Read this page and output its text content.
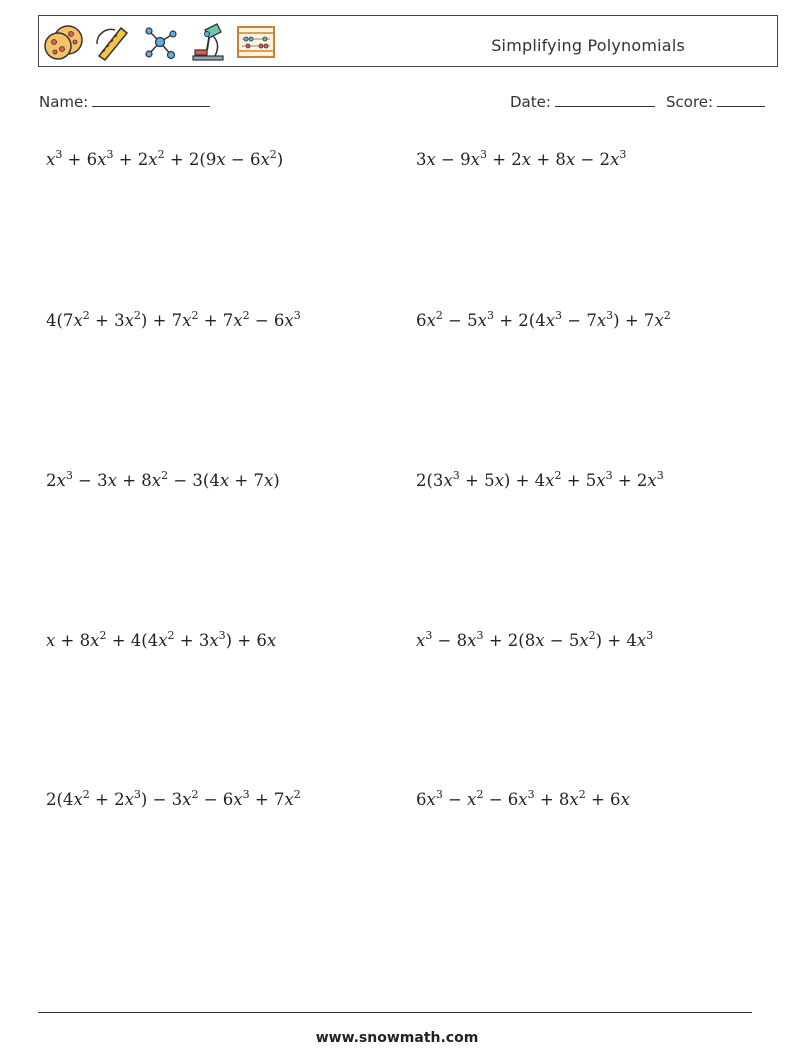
Simplifying Polynomials
Name:	Date:	Score:
$x^3 + 6x^3 + 2x^2 + 2(9x - 6x^2)$	$3x - 9x^3 + 2x + 8x - 2x^3$
$4(7x^2 + 3x^2) + 7x^2 + 7x^2 - 6x^3$	$6x^2 - 5x^3 + 2(4x^3 - 7x^3) + 7x^2$
$2x^3 - 3x + 8x^2 - 3(4x + 7x)$	$2(3x^3 + 5x) + 4x^2 + 5x^3 + 2x^3$
$x + 8x^2 + 4(4x^2 + 3x^3) + 6x$	$x^3 - 8x^3 + 2(8x - 5x^2) + 4x^3$
$2(4x^2 + 2x^3) - 3x^2 - 6x^3 + 7x^2$	$6x^3 - x^2 - 6x^3 + 8x^2 + 6x$
www.snowmath.com
